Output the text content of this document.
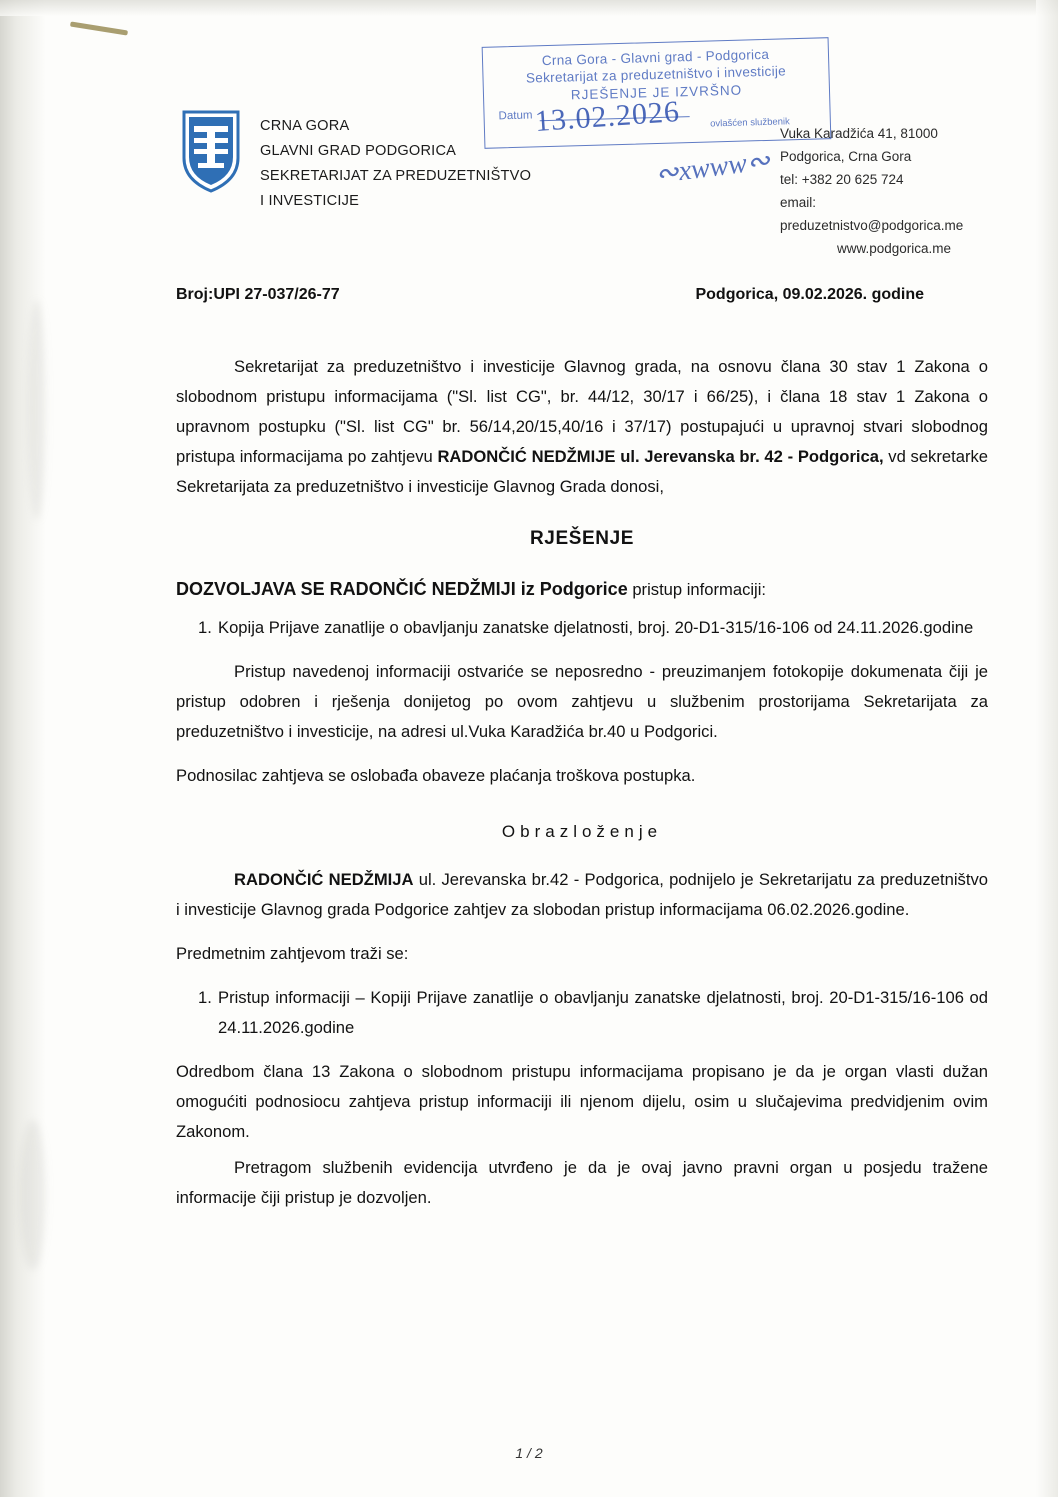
CRNA GORA
GLAVNI GRAD PODGORICA
SEKRETARIJAT ZA PREDUZETNIŠTVO
I INVESTICIJE
Vuka Karadžića 41, 81000 Podgorica, Crna Gora
tel: +382 20 625 724
email: preduzetnistvo@podgorica.me
www.podgorica.me
Crna Gora - Glavni grad - Podgorica
Sekretarijat za preduzetništvo i investicije
RJEŠENJE JE IZVRŠNO
Datum
ovlašćen službenik
13.02.2026
∾xwww∾
Broj:UPI 27-037/26-77	Podgorica, 09.02.2026. godine

Sekretarijat za preduzetništvo i investicije Glavnog grada, na osnovu člana 30 stav 1 Zakona o slobodnom pristupu informacijama ("Sl. list CG", br. 44/12, 30/17 i 66/25), i člana 18 stav 1 Zakona o upravnom postupku ("Sl. list CG" br. 56/14,20/15,40/16 i 37/17) postupajući u upravnoj stvari slobodnog pristupa informacijama po zahtjevu RADONČIĆ NEDŽMIJE ul. Jerevanska br. 42 - Podgorica, vd sekretarke Sekretarijata za preduzetništvo i investicije Glavnog Grada donosi,

RJEŠENJE

DOZVOLJAVA SE RADONČIĆ NEDŽMIJI iz Podgorice pristup informaciji:

1. Kopija Prijave zanatlije o obavljanju zanatske djelatnosti, broj. 20-D1-315/16-106 od 24.11.2026.godine

Pristup navedenoj informaciji ostvariće se neposredno - preuzimanjem fotokopije dokumenata čiji je pristup odobren i rješenja donijetog po ovom zahtjevu u službenim prostorijama Sekretarijata za preduzetništvo i investicije, na adresi ul.Vuka Karadžića br.40 u Podgorici.

Podnosilac zahtjeva se oslobađa obaveze plaćanja troškova postupka.

Obrazloženje

RADONČIĆ NEDŽMIJA ul. Jerevanska br.42 - Podgorica, podnijelo je Sekretarijatu za preduzetništvo i investicije Glavnog grada Podgorice zahtjev za slobodan pristup informacijama 06.02.2026.godine.

Predmetnim zahtjevom traži se:

1. Pristup informaciji – Kopiji Prijave zanatlije o obavljanju zanatske djelatnosti, broj. 20-D1-315/16-106 od 24.11.2026.godine

Odredbom člana 13 Zakona o slobodnom pristupu informacijama propisano je da je organ vlasti dužan omogućiti podnosiocu zahtjeva pristup informaciji ili njenom dijelu, osim u slučajevima predvidjenim ovim Zakonom.

Pretragom službenih evidencija utvrđeno je da je ovaj javno pravni organ u posjedu tražene informacije čiji pristup je dozvoljen.

1 / 2
